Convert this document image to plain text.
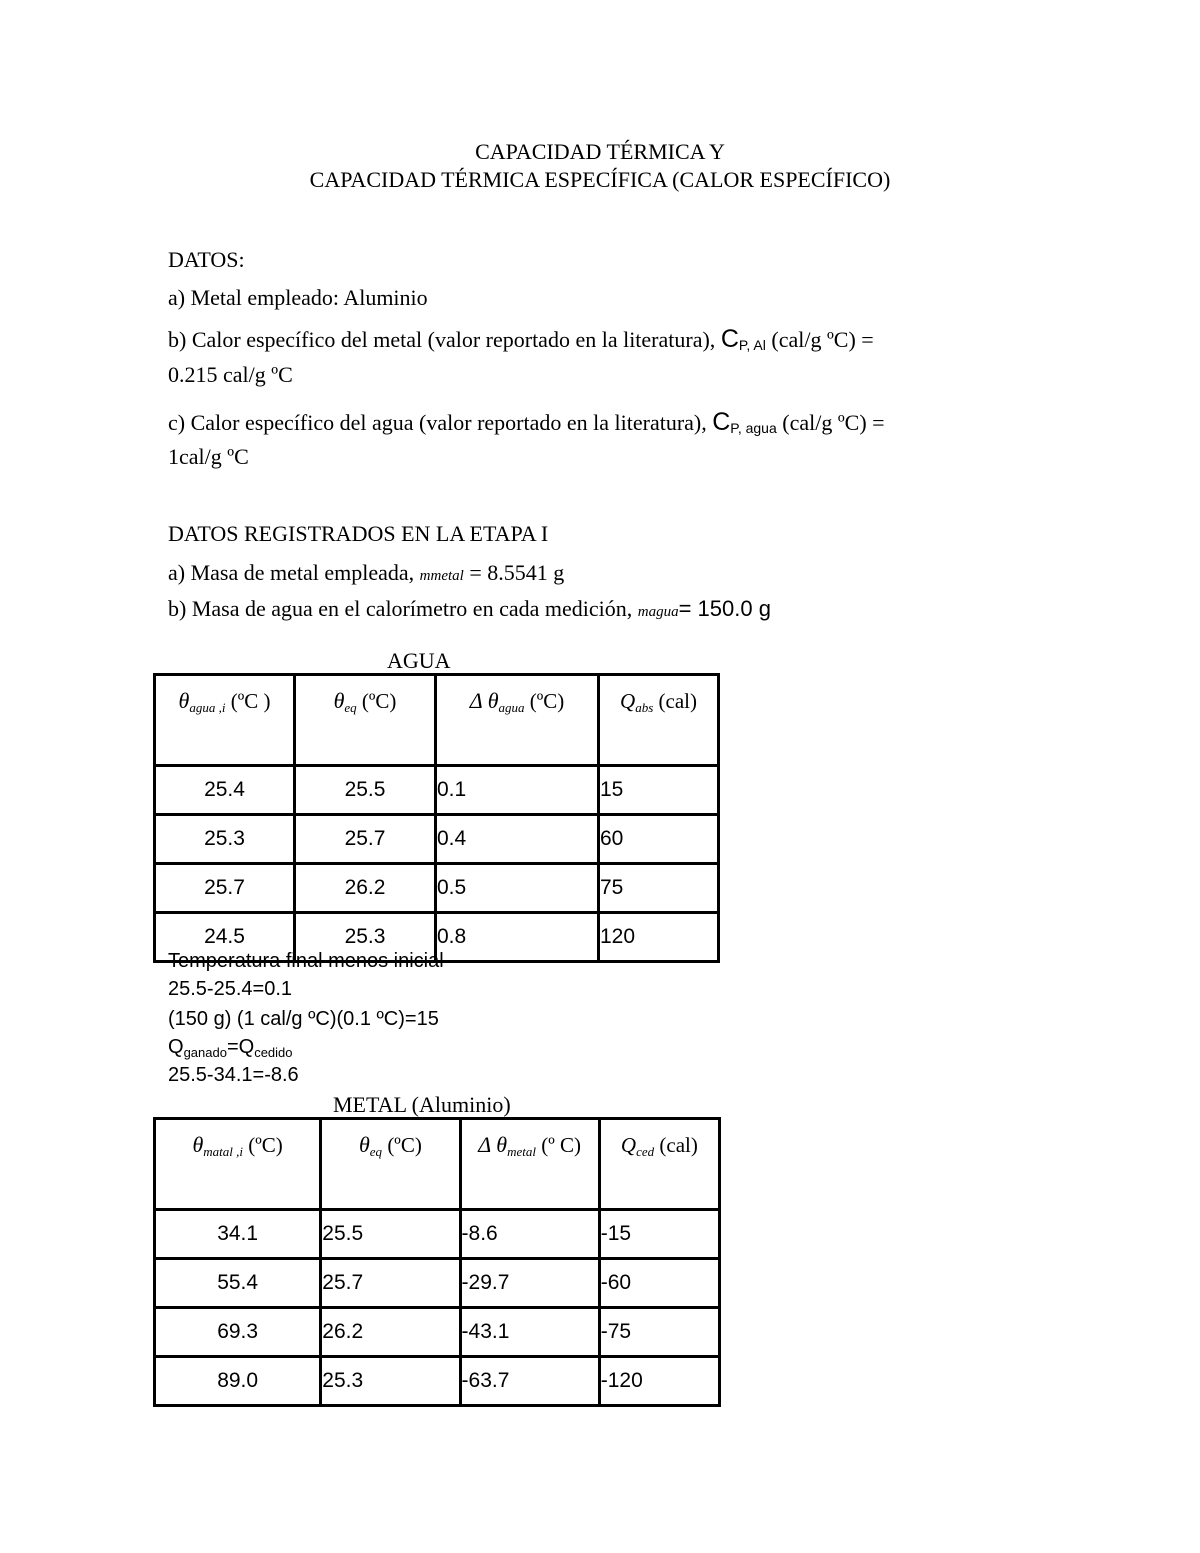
CAPACIDAD TÉRMICA Y
CAPACIDAD TÉRMICA ESPECÍFICA (CALOR ESPECÍFICO)
DATOS:
a) Metal empleado: Aluminio
b) Calor específico del metal (valor reportado en la literatura), CP, Al (cal/g ºC) =
0.215 cal/g ºC
c) Calor específico del agua (valor reportado en la literatura), CP, agua (cal/g ºC) =
1cal/g ºC
DATOS REGISTRADOS EN LA ETAPA I
a) Masa de metal empleada, mmetal = 8.5541 g
b) Masa de agua en el calorímetro en cada medición, magua= 150.0 g
AGUA
θagua ,i (ºC )	θeq (ºC)	Δ θagua (ºC)	Qabs (cal)
25.4	25.5	0.1	15
25.3	25.7	0.4	60
25.7	26.2	0.5	75
24.5	25.3	0.8	120
Temperatura final menos inicial
25.5-25.4=0.1
(150 g) (1 cal/g ºC)(0.1 ºC)=15
$Q_{ganado}=Q_{cedido}$
25.5-34.1=-8.6
METAL (Aluminio)
θmatal ,i (ºC)	θeq (ºC)	Δ θmetal (º C)	Qced (cal)
34.1	25.5	-8.6	-15
55.4	25.7	-29.7	-60
69.3	26.2	-43.1	-75
89.0	25.3	-63.7	-120
